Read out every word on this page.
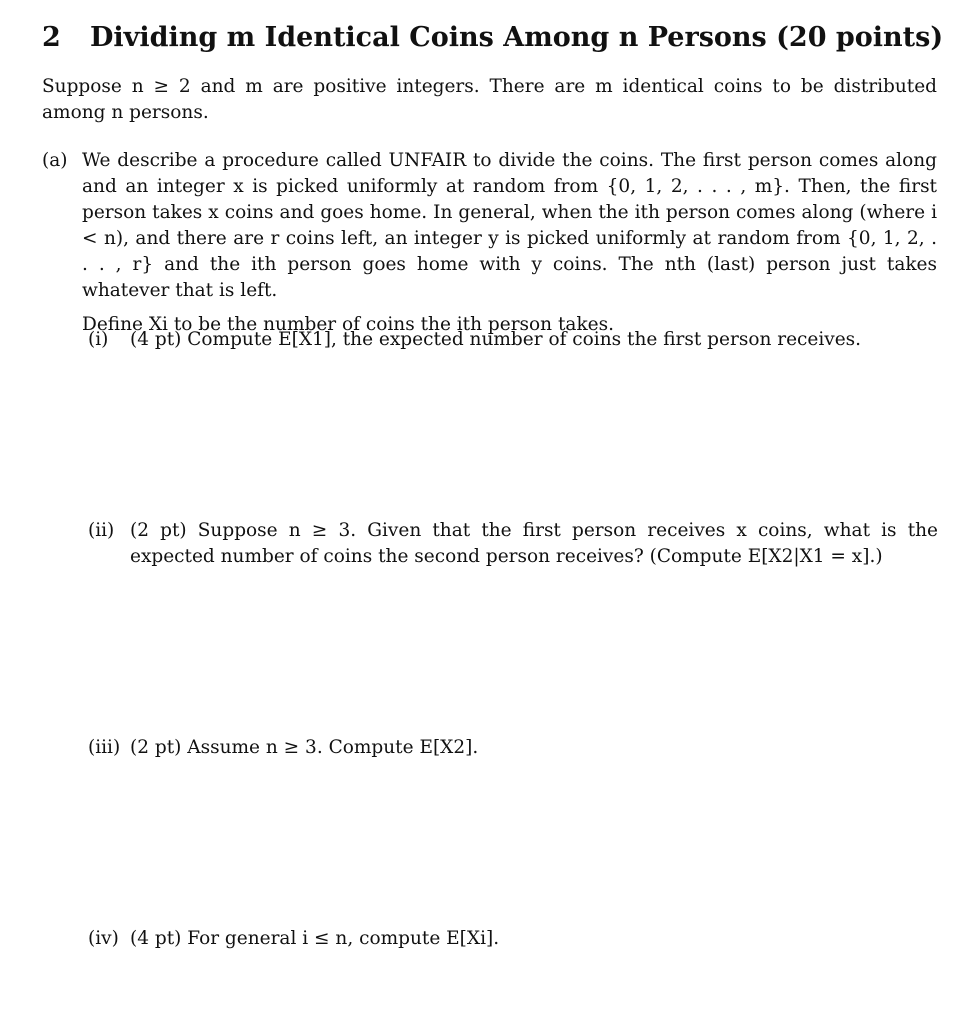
2 Dividing m Identical Coins Among n Persons (20 points)
Suppose n ≥ 2 and m are positive integers. There are m identical coins to be distributed among n persons.
(a) We describe a procedure called UNFAIR to divide the coins. The first person comes along and an integer x is picked uniformly at random from {0, 1, 2, . . . , m}. Then, the first person takes x coins and goes home. In general, when the ith person comes along (where i < n), and there are r coins left, an integer y is picked uniformly at random from {0, 1, 2, . . . , r} and the ith person goes home with y coins. The nth (last) person just takes whatever that is left.
Define Xi to be the number of coins the ith person takes.
(i) (4 pt) Compute E[X1], the expected number of coins the first person receives.
(ii) (2 pt) Suppose n ≥ 3. Given that the first person receives x coins, what is the expected number of coins the second person receives? (Compute E[X2|X1 = x].)
(iii) (2 pt) Assume n ≥ 3. Compute E[X2].
(iv) (4 pt) For general i ≤ n, compute E[Xi].
